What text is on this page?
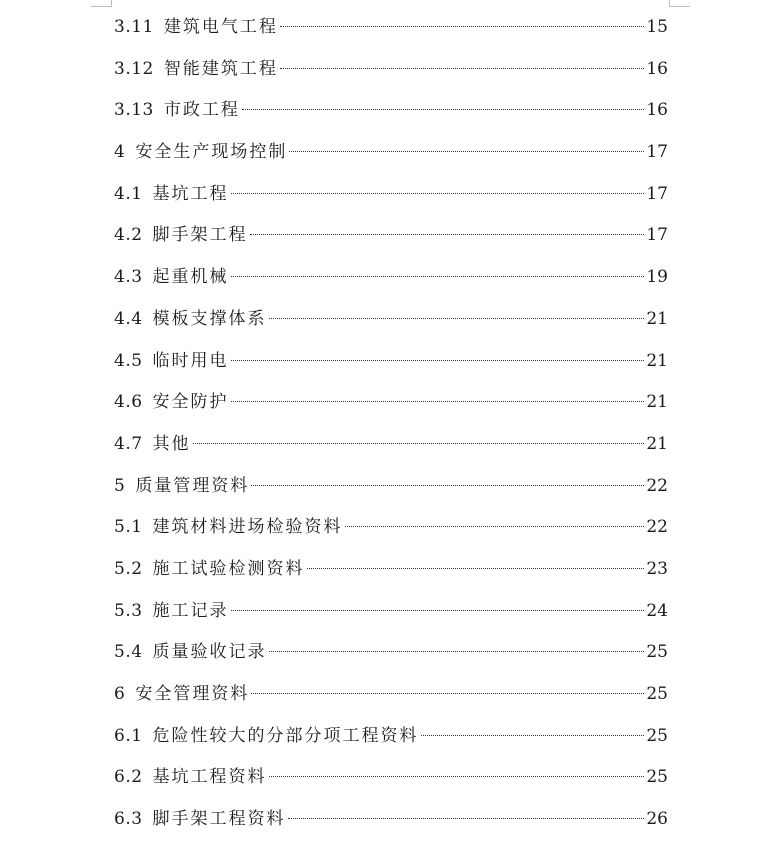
3.11 建筑电气工程	15
3.12 智能建筑工程	16
3.13 市政工程	16
4 安全生产现场控制	17
4.1 基坑工程	17
4.2 脚手架工程	17
4.3 起重机械	19
4.4 模板支撑体系	21
4.5 临时用电	21
4.6 安全防护	21
4.7 其他	21
5 质量管理资料	22
5.1 建筑材料进场检验资料	22
5.2 施工试验检测资料	23
5.3 施工记录	24
5.4 质量验收记录	25
6 安全管理资料	25
6.1 危险性较大的分部分项工程资料	25
6.2 基坑工程资料	25
6.3 脚手架工程资料	26
